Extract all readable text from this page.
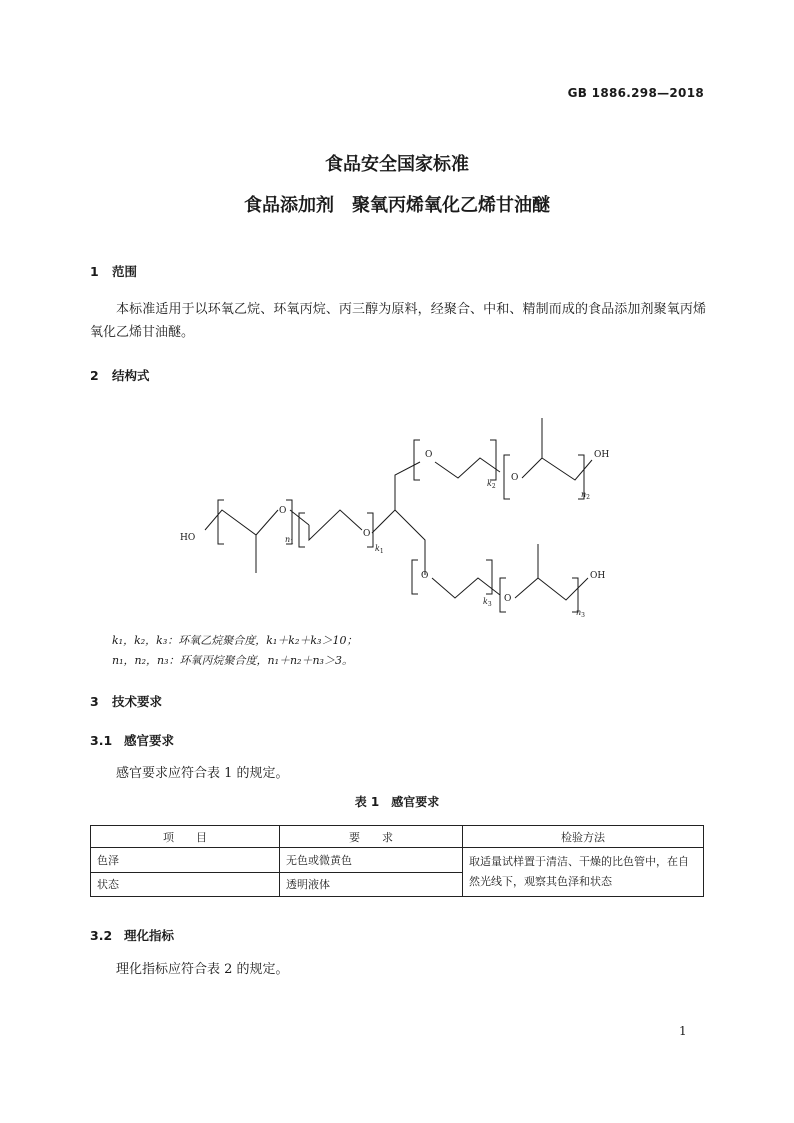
GB 1886.298—2018
食品安全国家标准
食品添加剂　聚氧丙烯氧化乙烯甘油醚
1 范围
本标准适用于以环氧乙烷、环氧丙烷、丙三醇为原料，经聚合、中和、精制而成的食品添加剂聚氧丙烯氧化乙烯甘油醚。
2 结构式
HO
O
O
O
O
O
O
OH
OH
$n_1$
$k_1$
$k_2$
$n_2$
$k_3$
$n_3$
k₁，k₂，k₃：环氧乙烷聚合度，k₁＋k₂＋k₃＞10；
n₁，n₂，n₃：环氧丙烷聚合度，n₁＋n₂＋n₃＞3。
3 技术要求
3.1 感官要求
感官要求应符合表 1 的规定。
表 1　感官要求
项　　目	要　　求	检验方法
色泽	无色或微黄色	取适量试样置于清洁、干燥的比色管中，在自然光线下，观察其色泽和状态
状态	透明液体	
3.2 理化指标
理化指标应符合表 2 的规定。
1
